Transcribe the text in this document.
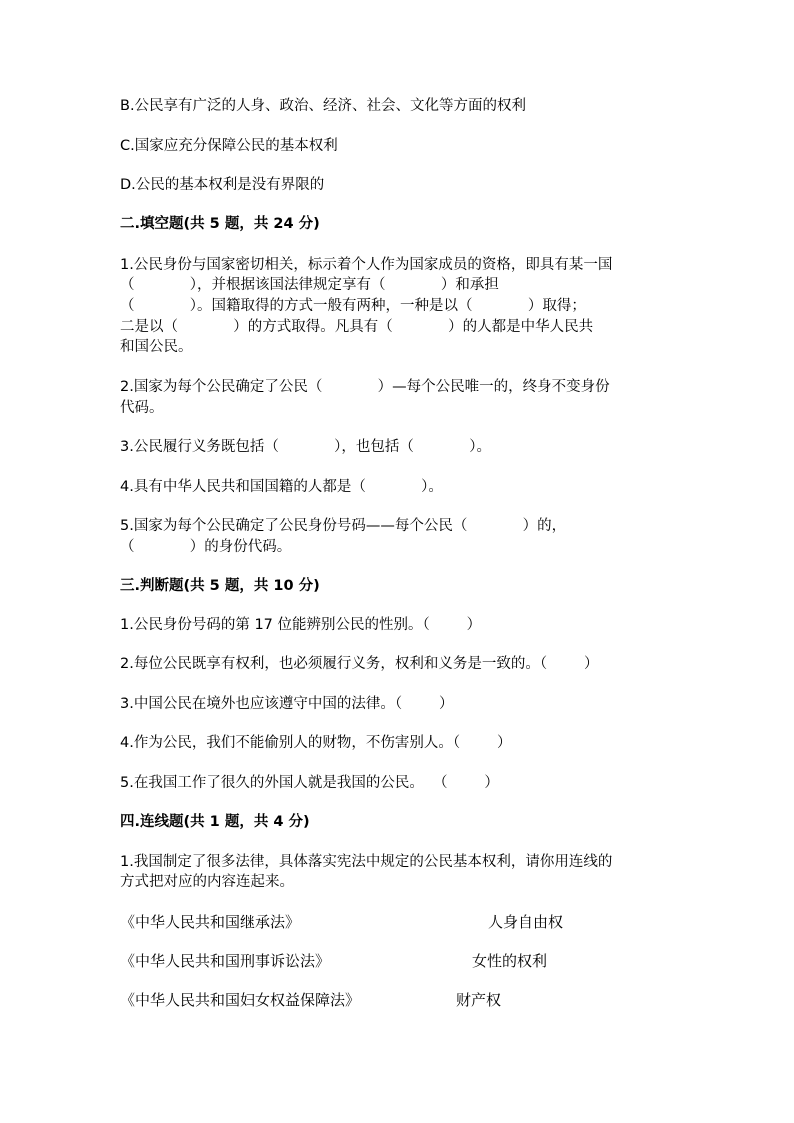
B.公民享有广泛的人身、政治、经济、社会、文化等方面的权利
C.国家应充分保障公民的基本权利
D.公民的基本权利是没有界限的
二.填空题(共 5 题，共 24 分)
1.公民身份与国家密切相关，标示着个人作为国家成员的资格，即具有某一国
（            ），并根据该国法律规定享有（            ）和承担
（            ）。国籍取得的方式一般有两种，一种是以（            ）取得；
二是以（            ）的方式取得。凡具有（            ）的人都是中华人民共
和国公民。
2.国家为每个公民确定了公民（            ）—每个公民唯一的，终身不变身份
代码。
3.公民履行义务既包括（            ），也包括（            ）。
4.具有中华人民共和国国籍的人都是（            ）。
5.国家为每个公民确定了公民身份号码——每个公民（            ）的，
（            ）的身份代码。
三.判断题(共 5 题，共 10 分)
1.公民身份号码的第 17 位能辨别公民的性别。（        ）
2.每位公民既享有权利，也必须履行义务，权利和义务是一致的。（        ）
3.中国公民在境外也应该遵守中国的法律。（        ）
4.作为公民，我们不能偷别人的财物，不伤害别人。（        ）
5.在我国工作了很久的外国人就是我国的公民。  （        ）
四.连线题(共 1 题，共 4 分)
1.我国制定了很多法律，具体落实宪法中规定的公民基本权利，请你用连线的
方式把对应的内容连起来。
《中华人民共和国继承法》	人身自由权
《中华人民共和国刑事诉讼法》	女性的权利
《中华人民共和国妇女权益保障法》	财产权
